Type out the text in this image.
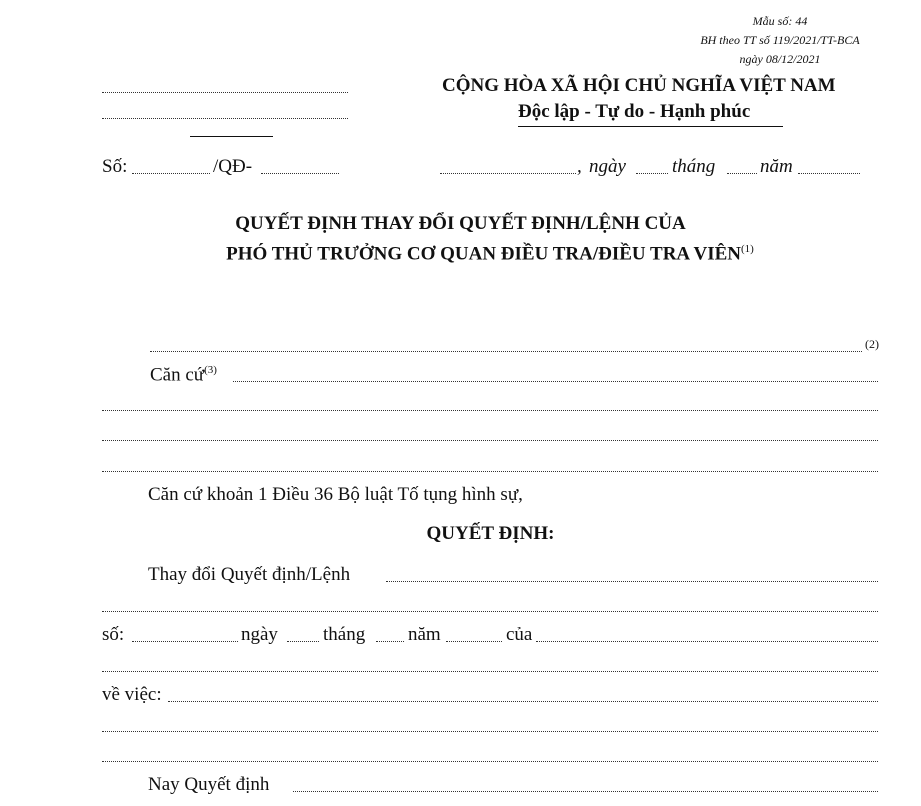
Mẫu số: 44
BH theo TT số 119/2021/TT-BCA
ngày 08/12/2021
CỘNG HÒA XÃ HỘI CHỦ NGHĨA VIỆT NAM
Độc lập - Tự do - Hạnh phúc
Số:	/QĐ-	, ngày tháng năm
QUYẾT ĐỊNH THAY ĐỔI QUYẾT ĐỊNH/LỆNH CỦA
PHÓ THỦ TRƯỞNG CƠ QUAN ĐIỀU TRA/ĐIỀU TRA VIÊN$^{(1)}$
(2)
Căn cứ$^{(3)}$
Căn cứ khoản 1 Điều 36 Bộ luật Tố tụng hình sự,
QUYẾT ĐỊNH:
Thay đổi Quyết định/Lệnh
số:	ngày tháng năm	của
về việc:
Nay Quyết định
